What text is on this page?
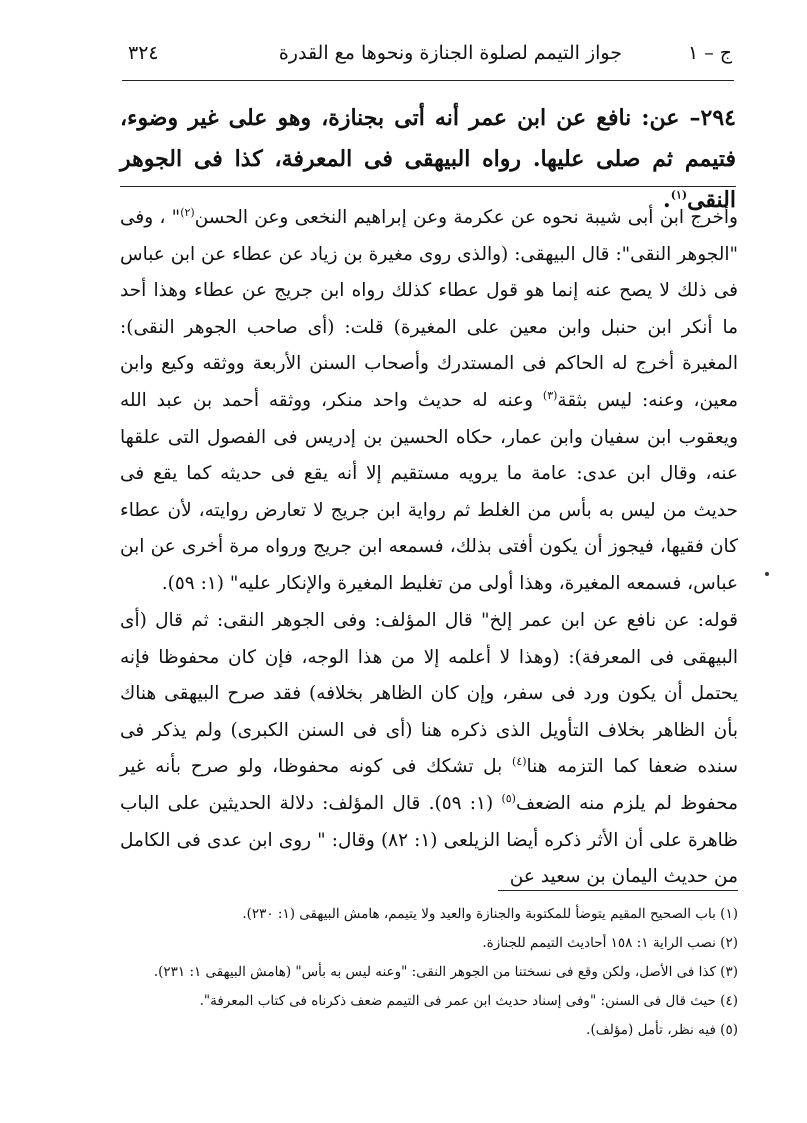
ج – ١
جواز التيمم لصلوة الجنازة ونحوها مع القدرة
٣٢٤
٢٩٤– عن: نافع عن ابن عمر أنه أتى بجنازة، وهو على غير وضوء، فتيمم ثم صلى عليها. رواه البيهقى فى المعرفة، كذا فى الجوهر النقى$^{(١)}$.

وأخرج ابن أبى شيبة نحوه عن عكرمة وعن إبراهيم النخعى وعن الحسن$^{(٢)}$" ، وفى "الجوهر النقى": قال البيهقى: (والذى روى مغيرة بن زياد عن عطاء عن ابن عباس فى ذلك لا يصح عنه إنما هو قول عطاء كذلك رواه ابن جريج عن عطاء وهذا أحد ما أنكر ابن حنبل وابن معين على المغيرة) قلت: (أى صاحب الجوهر النقى): المغيرة أخرج له الحاكم فى المستدرك وأصحاب السنن الأربعة ووثقه وكيع وابن معين، وعنه: ليس بثقة$^{(٣)}$ وعنه له حديث واحد منكر، ووثقه أحمد بن عبد الله ويعقوب ابن سفيان وابن عمار، حكاه الحسين بن إدريس فى الفصول التى علقها عنه، وقال ابن عدى: عامة ما يرويه مستقيم إلا أنه يقع فى حديثه كما يقع فى حديث من ليس به بأس من الغلط ثم رواية ابن جريج لا تعارض روايته، لأن عطاء كان فقيها، فيجوز أن يكون أفتى بذلك، فسمعه ابن جريج ورواه مرة أخرى عن ابن عباس، فسمعه المغيرة، وهذا أولى من تغليط المغيرة والإنكار عليه" (١: ٥٩).

قوله: عن نافع عن ابن عمر إلخ" قال المؤلف: وفى الجوهر النقى: ثم قال (أى البيهقى فى المعرفة): (وهذا لا أعلمه إلا من هذا الوجه، فإن كان محفوظا فإنه يحتمل أن يكون ورد فى سفر، وإن كان الظاهر بخلافه) فقد صرح البيهقى هناك بأن الظاهر بخلاف التأويل الذى ذكره هنا (أى فى السنن الكبرى) ولم يذكر فى سنده ضعفا كما التزمه هنا$^{(٤)}$ بل تشكك فى كونه محفوظا، ولو صرح بأنه غير محفوظ لم يلزم منه الضعف$^{(٥)}$ (١: ٥٩). قال المؤلف: دلالة الحديثين على الباب ظاهرة على أن الأثر ذكره أيضا الزيلعى (١: ٨٢) وقال: " روى ابن عدى فى الكامل من حديث اليمان بن سعيد عن

(١) باب الصحيح المقيم يتوضأ للمكتوبة والجنازة والعيد ولا يتيمم، هامش البيهقى (١: ٢٣٠).
(٢) نصب الراية ١: ١٥٨ أحاديث التيمم للجنازة.
(٣) كذا فى الأصل، ولكن وقع فى نسختنا من الجوهر النقى: "وعنه ليس به بأس" (هامش البيهقى ١: ٢٣١).
(٤) حيث قال فى السنن: "وفى إسناد حديث ابن عمر فى التيمم ضعف ذكرناه فى كتاب المعرفة".
(٥) فيه نظر، تأمل (مؤلف).
